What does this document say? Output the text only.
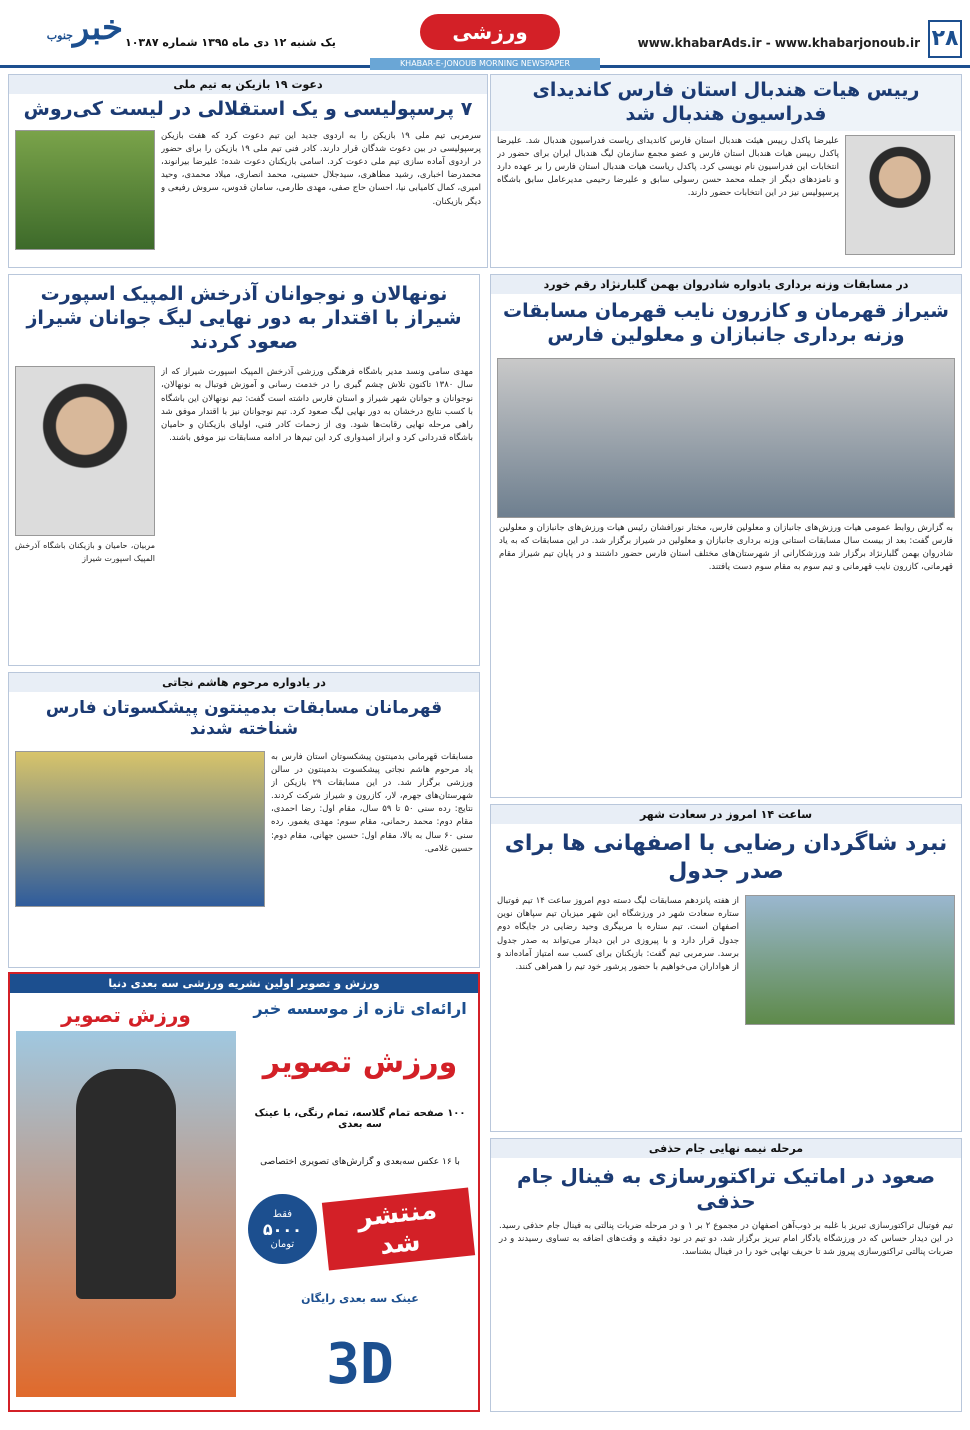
۲۸
www.khabarAds.ir - www.khabarjonoub.ir
ورزشی
خبرجنوب
یک شنبه ۱۲ دی ماه ۱۳۹۵ شماره ۱۰۳۸۷
KHABAR-E-JONOUB MORNING NEWSPAPER
رییس هیات هندبال استان فارس کاندیدای فدراسیون هندبال شد
علیرضا پاکدل رییس هیئت هندبال استان فارس کاندیدای ریاست فدراسیون هندبال شد. علیرضا پاکدل رییس هیات هندبال استان فارس و عضو مجمع سازمان لیگ هندبال ایران برای حضور در انتخابات این فدراسیون نام نویسی کرد. پاکدل ریاست هیات هندبال استان فارس را بر عهده دارد و نامزدهای دیگر از جمله محمد حسن رسولی سابق و علیرضا رحیمی مدیرعامل سابق باشگاه پرسپولیس نیز در این انتخابات حضور دارند.
دعوت ۱۹ بازیکن به تیم ملی
۷ پرسپولیسی و یک استقلالی در لیست کی‌روش
سرمربی تیم ملی ۱۹ بازیکن را به اردوی جدید این تیم دعوت کرد که هفت بازیکن پرسپولیسی در بین دعوت شدگان قرار دارند. کادر فنی تیم ملی ۱۹ بازیکن را برای حضور در اردوی آماده سازی تیم ملی دعوت کرد. اسامی بازیکنان دعوت شده: علیرضا بیرانوند، محمدرضا اخباری، رشید مظاهری، سیدجلال حسینی، محمد انصاری، میلاد محمدی، وحید امیری، کمال کامیابی نیا، احسان حاج صفی، مهدی طارمی، سامان قدوس، سروش رفیعی و دیگر بازیکنان.
نونهالان و نوجوانان آذرخش المپیک اسپورت شیراز با اقتدار به دور نهایی لیگ جوانان شیراز صعود کردند
مهدی سامی ونسد مدیر باشگاه فرهنگی ورزشی آذرخش المپیک اسپورت شیراز که از سال ۱۳۸۰ تاکنون تلاش چشم گیری را در خدمت رسانی و آموزش فوتبال به نونهالان، نوجوانان و جوانان شهر شیراز و استان فارس داشته است گفت: تیم نونهالان این باشگاه با کسب نتایج درخشان به دور نهایی لیگ صعود کرد. تیم نوجوانان نیز با اقتدار موفق شد راهی مرحله نهایی رقابت‌ها شود. وی از زحمات کادر فنی، اولیای بازیکنان و حامیان باشگاه قدردانی کرد و ابراز امیدواری کرد این تیم‌ها در ادامه مسابقات نیز موفق باشند.
مربیان، حامیان و بازیکنان باشگاه آذرخش المپیک اسپورت شیراز
در مسابقات وزنه برداری یادواره شادروان بهمن گلبارنژاد رقم خورد
شیراز قهرمان و کازرون نایب قهرمان مسابقات وزنه برداری جانبازان و معلولین فارس
به گزارش روابط عمومی هیات ورزش‌های جانبازان و معلولین فارس، مختار نورافشان رئیس هیات ورزش‌های جانبازان و معلولین فارس گفت: بعد از بیست سال مسابقات استانی وزنه برداری جانبازان و معلولین در شیراز برگزار شد. در این مسابقات که به یاد شادروان بهمن گلبارنژاد برگزار شد ورزشکارانی از شهرستان‌های مختلف استان فارس حضور داشتند و در پایان تیم شیراز مقام قهرمانی، کازرون نایب قهرمانی و تیم سوم به مقام سوم دست یافتند.
در یادواره مرحوم هاشم نجاتی
قهرمانان مسابقات بدمینتون پیشکسوتان فارس شناخته شدند
مسابقات قهرمانی بدمینتون پیشکسوتان استان فارس به یاد مرحوم هاشم نجاتی پیشکسوت بدمینتون در سالن ورزشی برگزار شد. در این مسابقات ۲۹ بازیکن از شهرستان‌های جهرم، لار، کازرون و شیراز شرکت کردند. نتایج: رده سنی ۵۰ تا ۵۹ سال، مقام اول: رضا احمدی، مقام دوم: محمد رحمانی، مقام سوم: مهدی یغمور. رده سنی ۶۰ سال به بالا، مقام اول: حسین جهانی، مقام دوم: حسین غلامی.
ساعت ۱۴ امروز در سعادت شهر
نبرد شاگردان رضایی با اصفهانی ها برای صدر جدول
از هفته پانزدهم مسابقات لیگ دسته دوم امروز ساعت ۱۴ تیم فوتبال ستاره سعادت شهر در ورزشگاه این شهر میزبان تیم سپاهان نوین اصفهان است. تیم ستاره با مربیگری وحید رضایی در جایگاه دوم جدول قرار دارد و با پیروزی در این دیدار می‌تواند به صدر جدول برسد. سرمربی تیم گفت: بازیکنان برای کسب سه امتیاز آماده‌اند و از هواداران می‌خواهیم با حضور پرشور خود تیم را همراهی کنند.
مرحله نیمه نهایی جام حذفی
صعود در اماتیک تراکتورسازی به فینال جام حذفی
تیم فوتبال تراکتورسازی تبریز با غلبه بر ذوب‌آهن اصفهان در مجموع ۲ بر ۱ و در مرحله ضربات پنالتی به فینال جام حذفی رسید. در این دیدار حساس که در ورزشگاه یادگار امام تبریز برگزار شد، دو تیم در نود دقیقه و وقت‌های اضافه به تساوی رسیدند و در ضربات پنالتی تراکتورسازی پیروز شد تا حریف نهایی خود را در فینال بشناسد.
ورزش و تصویر اولین نشریه ورزشی سه بعدی دنیا
ارائه‌ای تازه از موسسه خبر
ورزش تصویر
۱۰۰ صفحه تمام گلاسه، تمام رنگی، با عینک سه بعدی
با ۱۶ عکس سه‌بعدی و گزارش‌های تصویری اختصاصی
منتشر شد
فقط
۵۰۰۰
تومان
عینک سه بعدی رایگان
3D
ورزش تصویر
